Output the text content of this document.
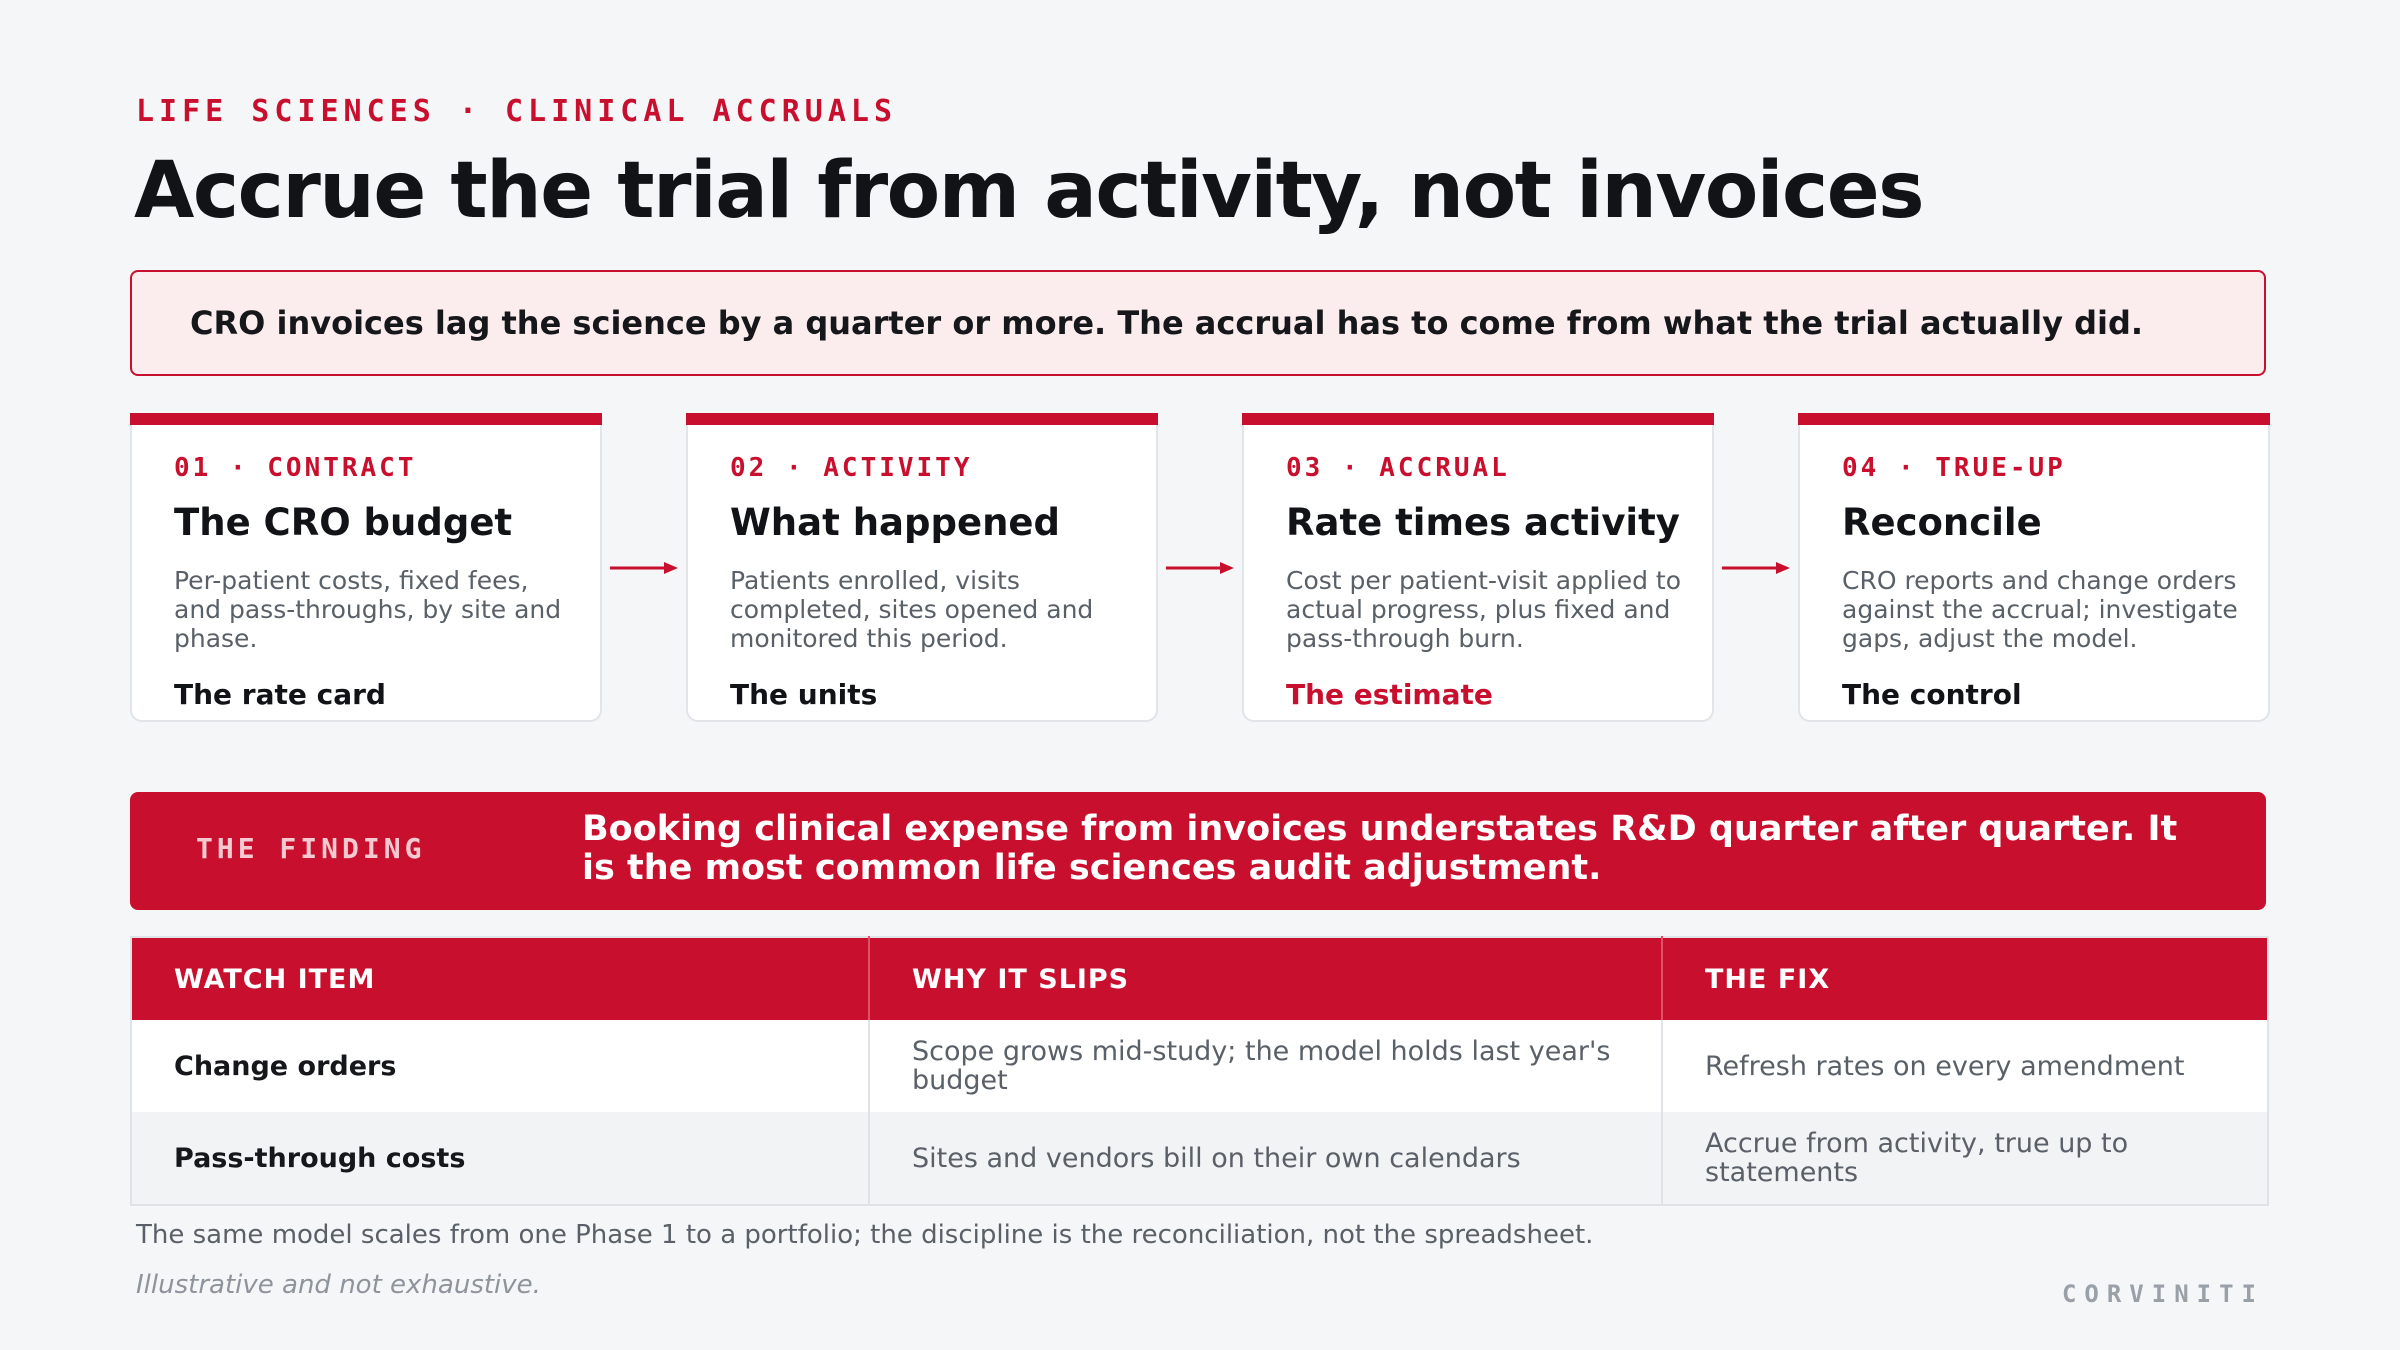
LIFE SCIENCES · CLINICAL ACCRUALS
Accrue the trial from activity, not invoices
CRO invoices lag the science by a quarter or more. The accrual has to come from what the trial actually did.
01 · CONTRACT
The CRO budget
Per-patient costs, fixed fees, and pass-throughs, by site and phase.
The rate card
02 · ACTIVITY
What happened
Patients enrolled, visits completed, sites opened and monitored this period.
The units
03 · ACCRUAL
Rate times activity
Cost per patient-visit applied to actual progress, plus fixed and pass-through burn.
The estimate
04 · TRUE-UP
Reconcile
CRO reports and change orders against the accrual; investigate gaps, adjust the model.
The control
THE FINDING	Booking clinical expense from invoices understates R&D quarter after quarter. It is the most common life sciences audit adjustment.
WATCH ITEM	WHY IT SLIPS	THE FIX
Change orders	Scope grows mid-study; the model holds last year's budget	Refresh rates on every amendment
Pass-through costs	Sites and vendors bill on their own calendars	Accrue from activity, true up to statements
The same model scales from one Phase 1 to a portfolio; the discipline is the reconciliation, not the spreadsheet.
Illustrative and not exhaustive.	CORVINITI
